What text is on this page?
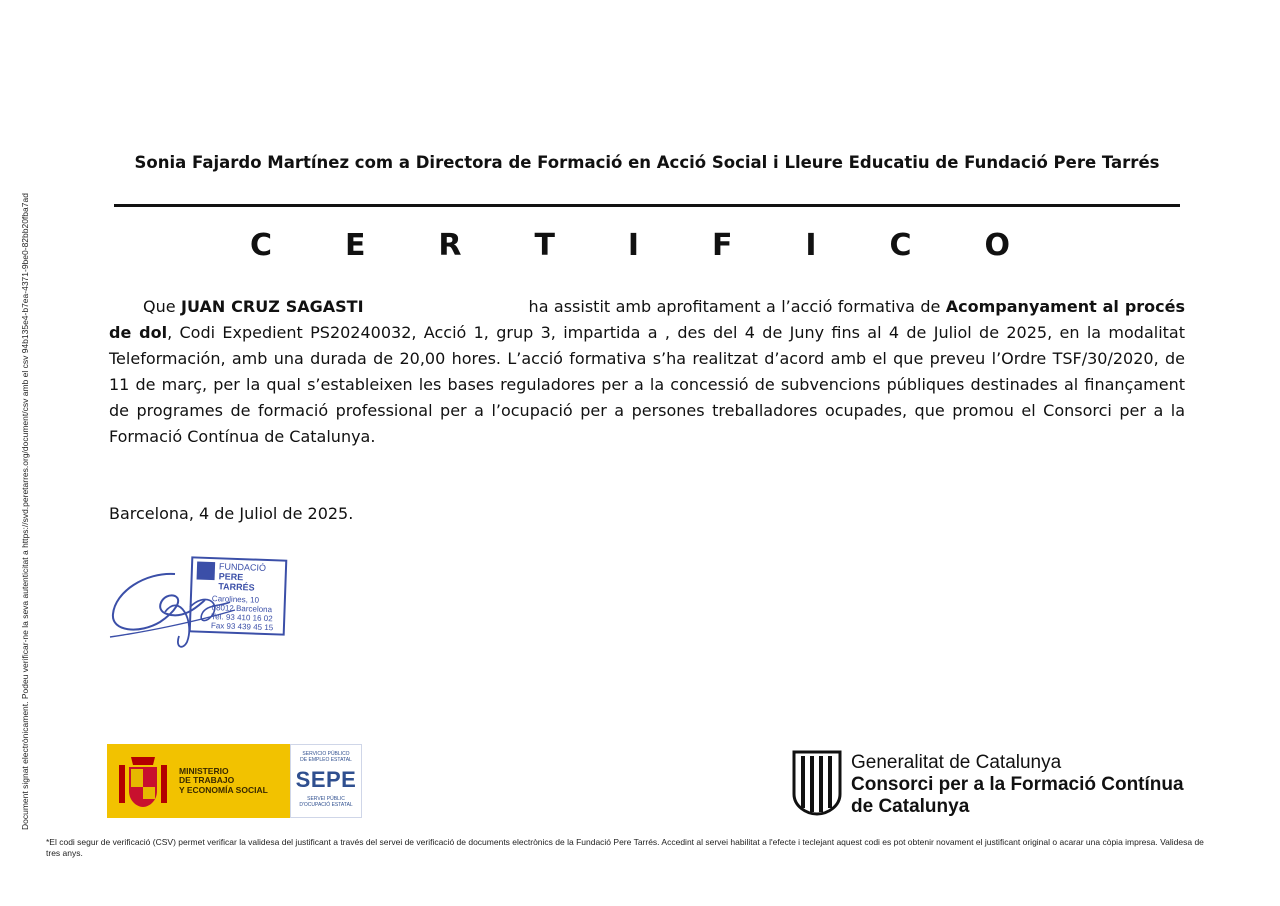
Document signat electrònicament. Podeu verificar-ne la seva autenticitat a https://svd.peretarres.org/document/csv amb el csv 94b135e4-b7ea-4371-9be0-82bb20fba7ad
Sonia Fajardo Martínez com a Directora de Formació en Acció Social i Lleure Educatiu de Fundació Pere Tarrés
C E R T I F I C O
Que JUAN CRUZ SAGASTI	ha assistit amb aprofitament a l’acció formativa de Acompanyament al procés de dol, Codi Expedient PS20240032, Acció 1, grup 3, impartida a , des del 4 de Juny fins al 4 de Juliol de 2025, en la modalitat Teleformación, amb una durada de 20,00 hores. L’acció formativa s’ha realitzat d’acord amb el que preveu l’Ordre TSF/30/2020, de 11 de març, per la qual s’estableixen les bases reguladores per a la concessió de subvencions públiques destinades al finançament de programes de formació professional per a l’ocupació per a persones treballadores ocupades, que promou el Consorci per a la Formació Contínua de Catalunya.
Barcelona, 4 de Juliol de 2025.
FUNDACIÓ
PERE TARRÉS
Carolines, 10
08012 Barcelona
Tel. 93 410 16 02
Fax 93 439 45 15
MINISTERIO
DE TRABAJO
Y ECONOMÍA SOCIAL
SERVICIO PÚBLICO
DE EMPLEO ESTATAL
SEPE
SERVEI PÚBLIC
D'OCUPACIÓ ESTATAL
Generalitat de Catalunya
Consorci per a la Formació Contínua
de Catalunya
*El codi segur de verificació (CSV) permet verificar la validesa del justificant a través del servei de verificació de documents electrònics de la Fundació Pere Tarrés. Accedint al servei habilitat a l'efecte i teclejant aquest codi es pot obtenir novament el justificant original o acarar una còpia impresa. Validesa de tres anys.
